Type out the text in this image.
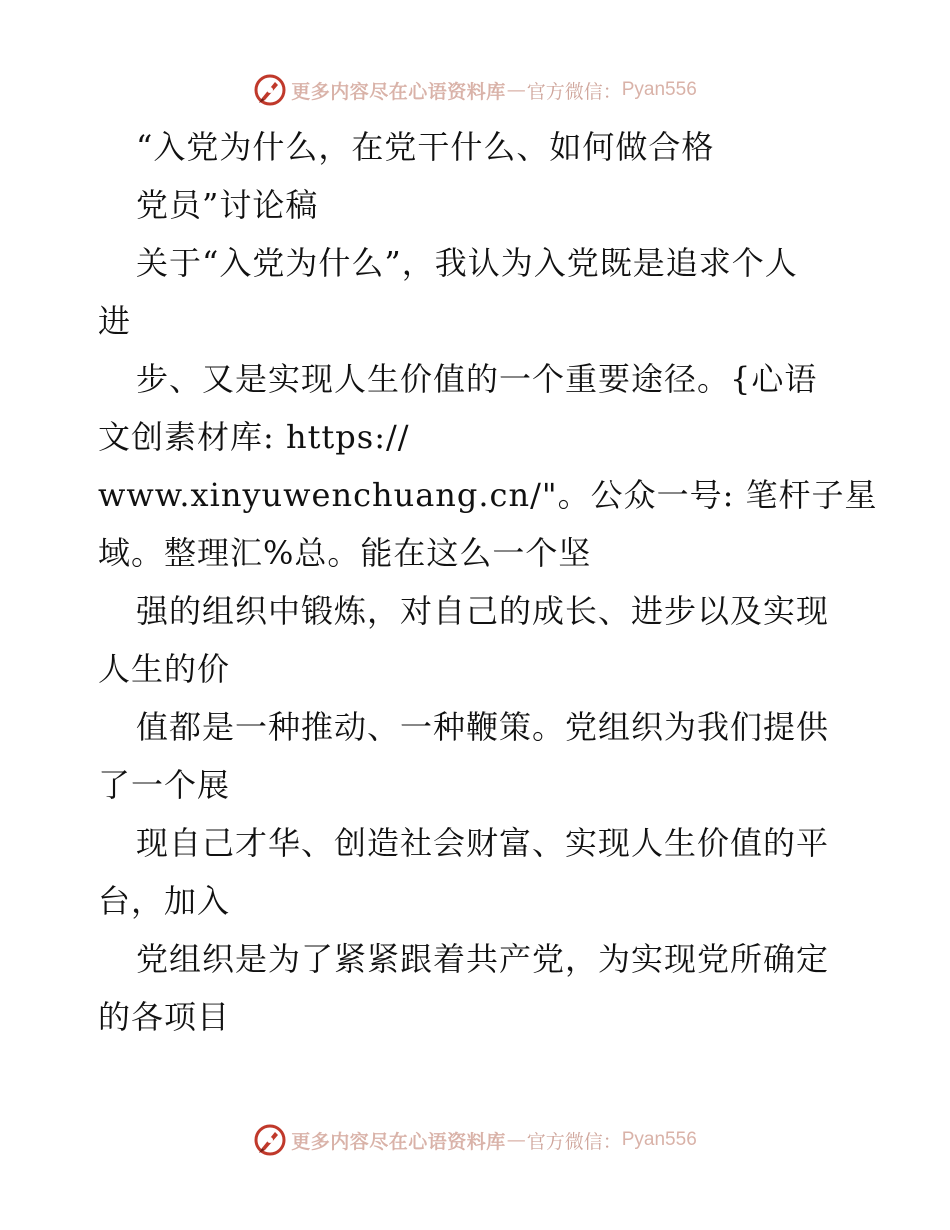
更多内容尽在心语资料库 — 官方微信： Pyan556
“入党为什么，在党干什么、如何做合格
党员”讨论稿
关于“入党为什么”，我认为入党既是追求个人
进
步、又是实现人生价值的一个重要途径。{心语
文创素材库: https://
www.xinyuwenchuang.cn/"。公众一号: 笔杆子星
域。整理汇%总。能在这么一个坚
强的组织中锻炼，对自己的成长、进步以及实现
人生的价
值都是一种推动、一种鞭策。党组织为我们提供
了一个展
现自己才华、创造社会财富、实现人生价值的平
台，加入
党组织是为了紧紧跟着共产党，为实现党所确定
的各项目
更多内容尽在心语资料库 — 官方微信： Pyan556
